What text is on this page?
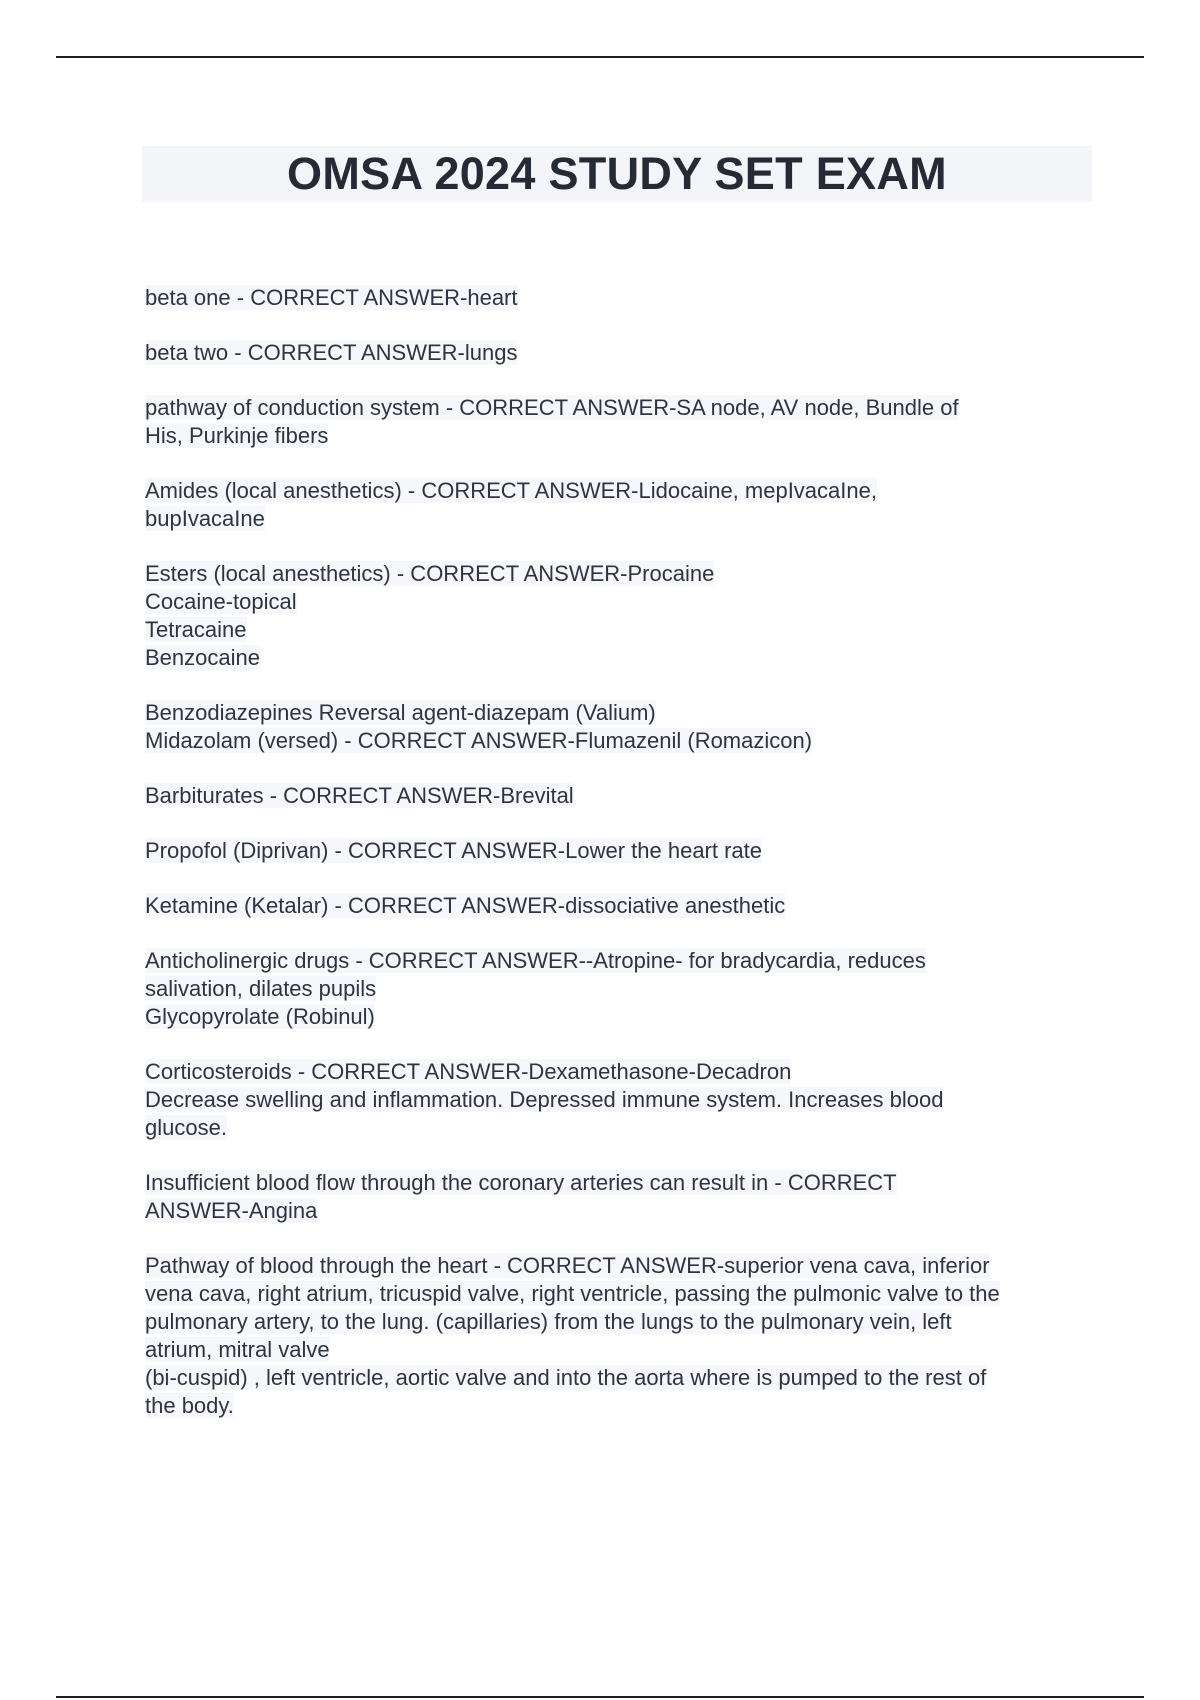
OMSA 2024 STUDY SET EXAM
beta one - CORRECT ANSWER-heart
beta two - CORRECT ANSWER-lungs
pathway of conduction system - CORRECT ANSWER-SA node, AV node, Bundle of
His, Purkinje fibers
Amides (local anesthetics) - CORRECT ANSWER-Lidocaine, mepIvacaIne,
bupIvacaIne
Esters (local anesthetics) - CORRECT ANSWER-Procaine
Cocaine-topical
Tetracaine
Benzocaine
Benzodiazepines Reversal agent-diazepam (Valium)
Midazolam (versed) - CORRECT ANSWER-Flumazenil (Romazicon)
Barbiturates - CORRECT ANSWER-Brevital
Propofol (Diprivan) - CORRECT ANSWER-Lower the heart rate
Ketamine (Ketalar) - CORRECT ANSWER-dissociative anesthetic
Anticholinergic drugs - CORRECT ANSWER--Atropine- for bradycardia, reduces
salivation, dilates pupils
Glycopyrolate (Robinul)
Corticosteroids - CORRECT ANSWER-Dexamethasone-Decadron
Decrease swelling and inflammation. Depressed immune system. Increases blood
glucose.
Insufficient blood flow through the coronary arteries can result in - CORRECT
ANSWER-Angina
Pathway of blood through the heart - CORRECT ANSWER-superior vena cava, inferior
vena cava, right atrium, tricuspid valve, right ventricle, passing the pulmonic valve to the
pulmonary artery, to the lung. (capillaries) from the lungs to the pulmonary vein, left
atrium, mitral valve
(bi-cuspid) , left ventricle, aortic valve and into the aorta where is pumped to the rest of
the body.
